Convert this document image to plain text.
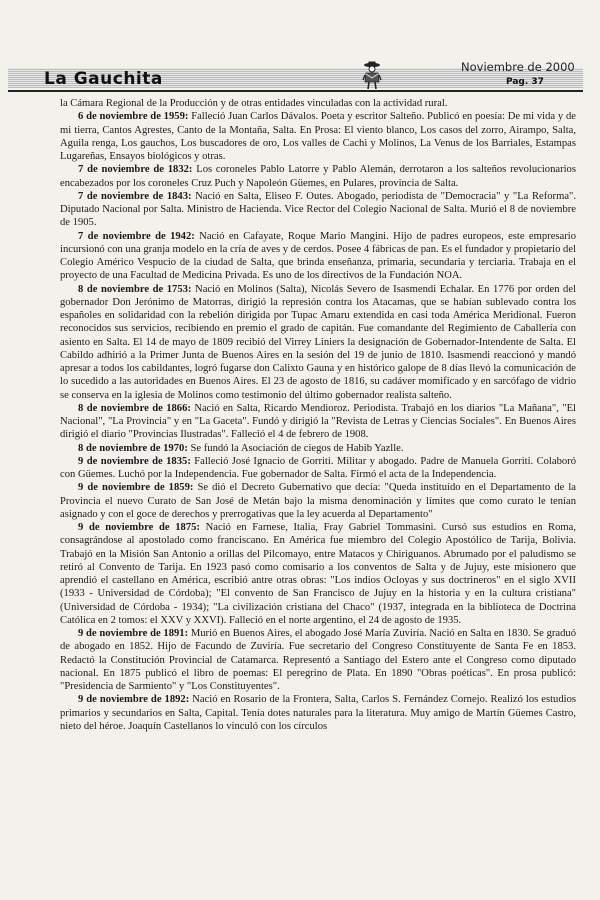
La Gauchita
Noviembre de 2000
Pag. 37

la Cámara Regional de la Producción y de otras entidades vinculadas con la actividad rural.

6 de noviembre de 1959: Falleció Juan Carlos Dávalos. Poeta y escritor Salteño. Publicó en poesía: De mi vida y de mi tierra, Cantos Agrestes, Canto de la Montaña, Salta. En Prosa: El viento blanco, Los casos del zorro, Airampo, Salta, Aguila renga, Los gauchos, Los buscadores de oro, Los valles de Cachi y Molinos, La Venus de los Barriales, Estampas Lugareñas, Ensayos biológicos y otras.

7 de noviembre de 1832: Los coroneles Pablo Latorre y Pablo Alemán, derrotaron a los salteños revolucionarios encabezados por los coroneles Cruz Puch y Napoleón Güemes, en Pulares, provincia de Salta.

7 de noviembre de 1843: Nació en Salta, Eliseo F. Outes. Abogado, periodista de "Democracia" y "La Reforma". Diputado Nacional por Salta. Ministro de Hacienda. Vice Rector del Colegio Nacional de Salta. Murió el 8 de noviembre de 1905.

7 de noviembre de 1942: Nació en Cafayate, Roque Mario Mangini. Hijo de padres europeos, este empresario incursionó con una granja modelo en la cría de aves y de cerdos. Posee 4 fábricas de pan. Es el fundador y propietario del Colegio Américo Vespucio de la ciudad de Salta, que brinda enseñanza, primaria, secundaria y terciaria. Trabaja en el proyecto de una Facultad de Medicina Privada. Es uno de los directivos de la Fundación NOA.

8 de noviembre de 1753: Nació en Molinos (Salta), Nicolás Severo de Isasmendi Echalar. En 1776 por orden del gobernador Don Jerónimo de Matorras, dirigió la represión contra los Atacamas, que se habían sublevado contra los españoles en solidaridad con la rebelión dirigida por Tupac Amaru extendida en casi toda América Meridional. Fueron reconocidos sus servicios, recibiendo en premio el grado de capitán. Fue comandante del Regimiento de Caballería con asiento en Salta. El 14 de mayo de 1809 recibió del Virrey Liniers la designación de Gobernador-Intendente de Salta. El Cabildo adhirió a la Primer Junta de Buenos Aires en la sesión del 19 de junio de 1810. Isasmendi reaccionó y mandó apresar a todos los cabildantes, logró fugarse don Calixto Gauna y en histórico galope de 8 días llevó la comunicación de lo sucedido a las autoridades en Buenos Aires. El 23 de agosto de 1816, su cadáver momificado y en sarcófago de vidrio se conserva en la iglesia de Molinos como testimonio del último gobernador realista salteño.

8 de noviembre de 1866: Nació en Salta, Ricardo Mendioroz. Periodista. Trabajó en los diarios "La Mañana", "El Nacional", "La Provincia" y en "La Gaceta". Fundó y dirigió la "Revista de Letras y Ciencias Sociales". En Buenos Aires dirigió el diario "Provincias Ilustradas". Falleció el 4 de febrero de 1908.

8 de noviembre de 1970: Se fundó la Asociación de ciegos de Habib Yazlle.

9 de noviembre de 1835: Falleció José Ignacio de Gorriti. Militar y abogado. Padre de Manuela Gorriti. Colaboró con Güemes. Luchó por la Independencia. Fue gobernador de Salta. Firmó el acta de la Independencia.

9 de noviembre de 1859: Se dió el Decreto Gubernativo que decía: "Queda instituído en el Departamento de la Provincia el nuevo Curato de San José de Metán bajo la misma denominación y límites que como curato le tenían asignado y con el goce de derechos y prerrogativas que la ley acuerda al Departamento"

9 de noviembre de 1875: Nació en Farnese, Italia, Fray Gabriel Tommasini. Cursó sus estudios en Roma, consagrándose al apostolado como franciscano. En América fue miembro del Colegio Apostólico de Tarija, Bolivia. Trabajó en la Misión San Antonio a orillas del Pilcomayo, entre Matacos y Chiriguanos. Abrumado por el paludismo se retiró al Convento de Tarija. En 1923 pasó como comisario a los conventos de Salta y de Jujuy, este misionero que aprendió el castellano en América, escribió antre otras obras: "Los indios Ocloyas y sus doctrineros" en el siglo XVII (1933 - Universidad de Córdoba); "El convento de San Francisco de Jujuy en la historia y en la cultura cristiana" (Universidad de Córdoba - 1934); "La civilización cristiana del Chaco" (1937, integrada en la biblioteca de Doctrina Católica en 2 tomos: el XXV y XXVI). Falleció en el norte argentino, el 24 de agosto de 1935.

9 de noviembre de 1891: Murió en Buenos Aires, el abogado José María Zuviría. Nació en Salta en 1830. Se graduó de abogado en 1852. Hijo de Facundo de Zuviría. Fue secretario del Congreso Constituyente de Santa Fe en 1853. Redactó la Constitución Provincial de Catamarca. Representó a Santiago del Estero ante el Congreso como diputado nacional. En 1875 publicó el libro de poemas: El peregrino de Plata. En 1890 "Obras poéticas". En prosa publicó: "Presidencia de Sarmiento" y "Los Constituyentes".

9 de noviembre de 1892: Nació en Rosario de la Frontera, Salta, Carlos S. Fernández Cornejo. Realizó los estudios primarios y secundarios en Salta, Capital. Tenía dotes naturales para la literatura. Muy amigo de Martín Güemes Castro, nieto del héroe. Joaquín Castellanos lo vinculó con los círculos
